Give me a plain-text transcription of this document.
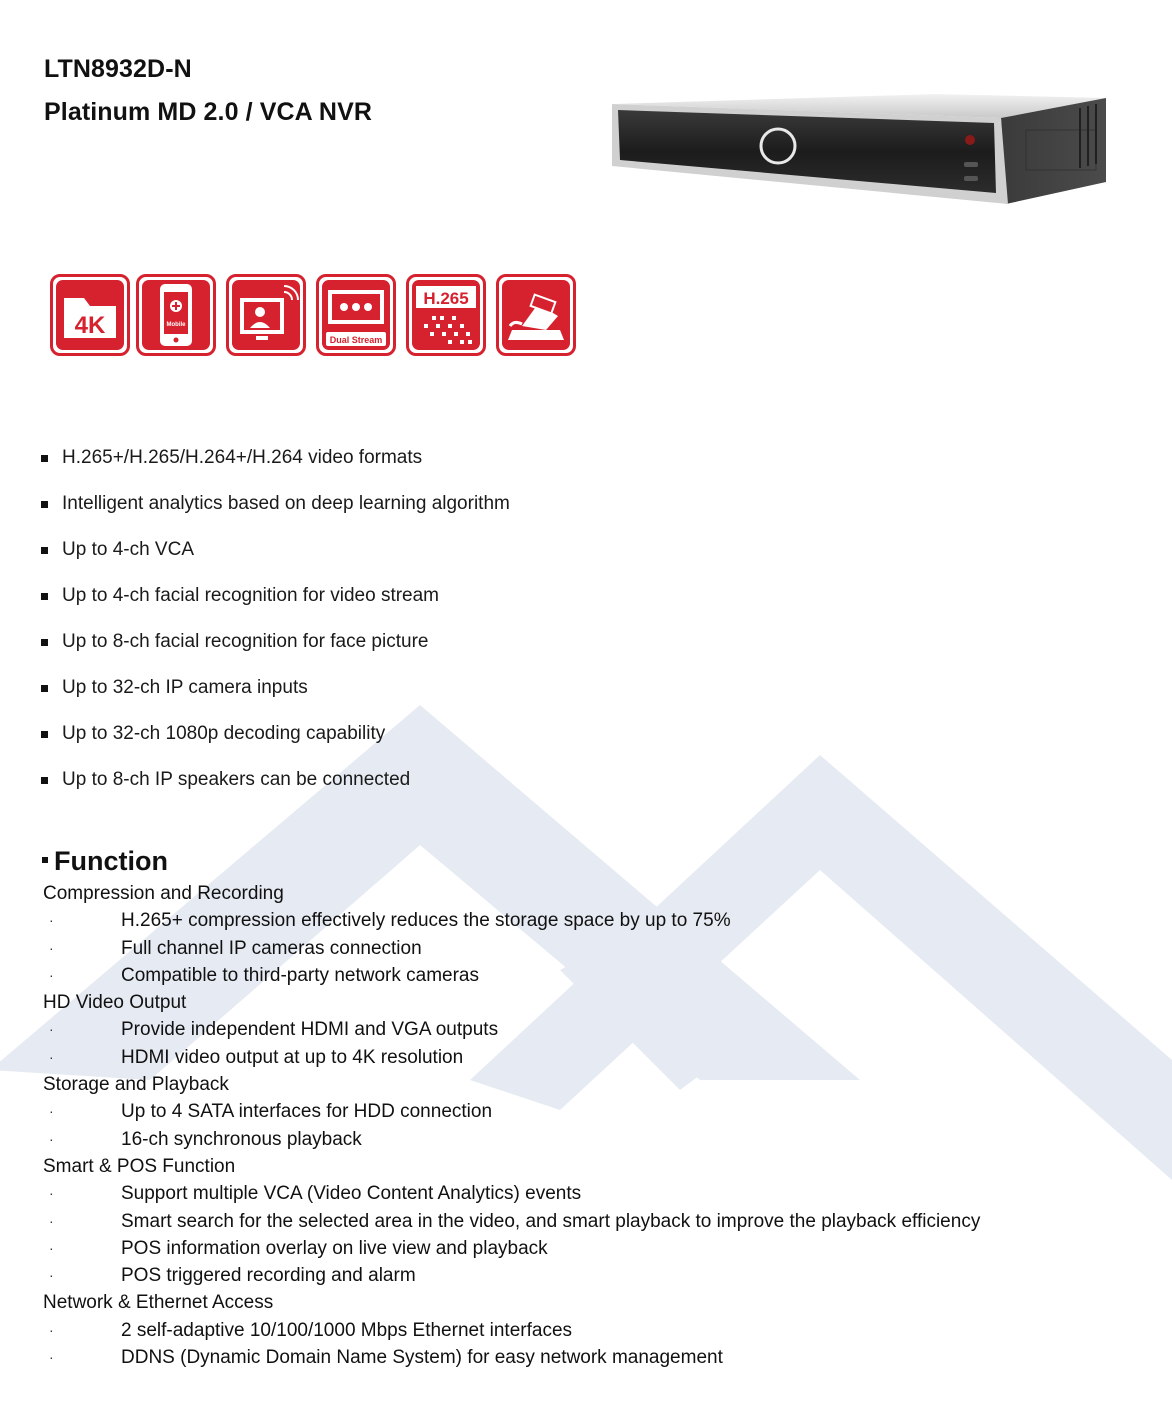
LTN8932D-N
Platinum MD 2.0 / VCA NVR
4K	Mobile
Dual Stream
H.265
H.265+/H.265/H.264+/H.264 video formats
Intelligent analytics based on deep learning algorithm
Up to 4-ch VCA
Up to 4-ch facial recognition for video stream
Up to 8-ch facial recognition for face picture
Up to 32-ch IP camera inputs
Up to 32-ch 1080p decoding capability
Up to 8-ch IP speakers can be connected
Function
Compression and Recording
·	H.265+ compression effectively reduces the storage space by up to 75%
·	Full channel IP cameras connection
·	Compatible to third-party network cameras
HD Video Output
·	Provide independent HDMI and VGA outputs
·	HDMI video output at up to 4K resolution
Storage and Playback
·	Up to 4 SATA interfaces for HDD connection
·	16-ch synchronous playback
Smart & POS Function
·	Support multiple VCA (Video Content Analytics) events
·	Smart search for the selected area in the video, and smart playback to improve the playback efficiency
·	POS information overlay on live view and playback
·	POS triggered recording and alarm
Network & Ethernet Access
·	2 self-adaptive 10/100/1000 Mbps Ethernet interfaces
·	DDNS (Dynamic Domain Name System) for easy network management
